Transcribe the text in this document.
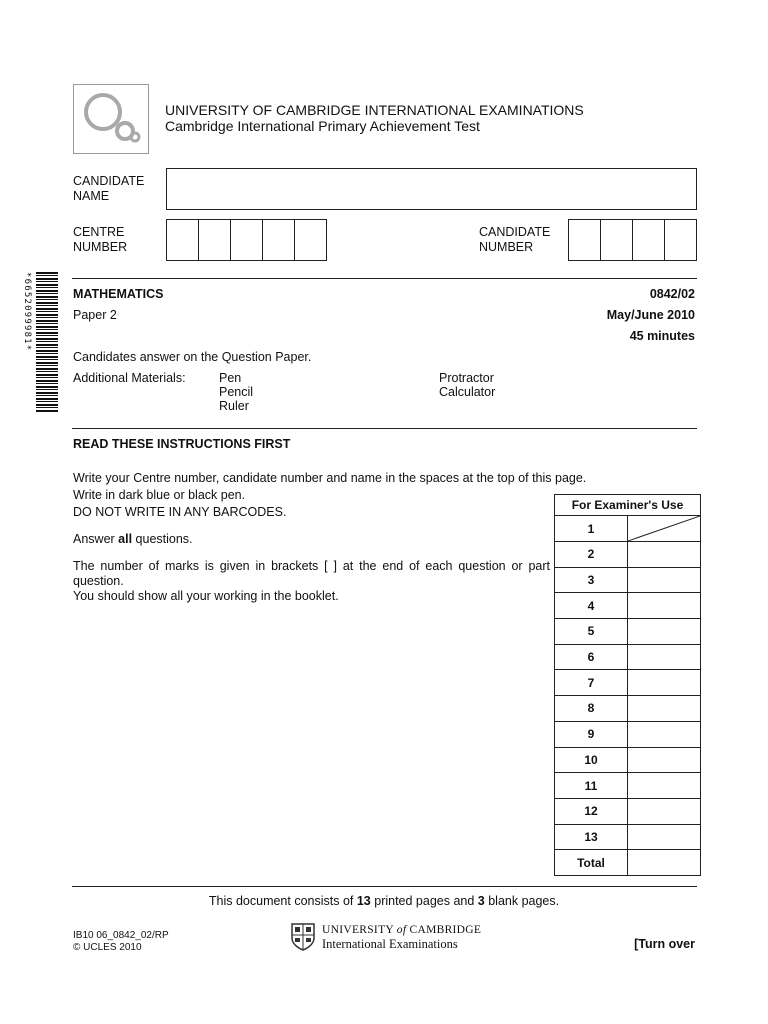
UNIVERSITY OF CAMBRIDGE INTERNATIONAL EXAMINATIONS
Cambridge International Primary Achievement Test
CANDIDATE
NAME
CENTRE
NUMBER
CANDIDATE
NUMBER
*6652099981*	MATHEMATICS
Paper 2
0842/02
May/June 2010
45 minutes
Candidates answer on the Question Paper.
Additional Materials:	Pen
Pencil
Ruler
Protractor
Calculator
READ THESE INSTRUCTIONS FIRST
Write your Centre number, candidate number and name in the spaces at the top of this page.
Write in dark blue or black pen.
DO NOT WRITE IN ANY BARCODES.
Answer all questions.
The number of marks is given in brackets [ ] at the end of each question or part question.
You should show all your working in the booklet.
For Examiner's Use	
1	

2	
3	
4	
5	
6	
7	
8	
9	
10	
11	
12	
13	
Total	
This document consists of 13 printed pages and 3 blank pages.
IB10 06_0842_02/RP
© UCLES 2010
UNIVERSITY of CAMBRIDGE
International Examinations	[Turn over
